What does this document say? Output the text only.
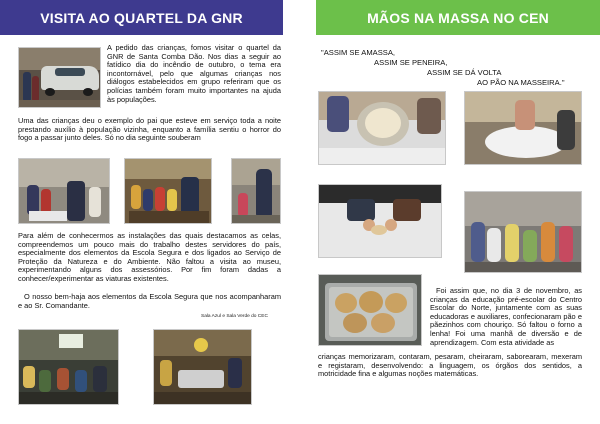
VISITA AO QUARTEL DA GNR
A pedido das crianças, fomos visitar o quartel da GNR de Santa Comba Dão. Nos dias a seguir ao fatídico dia do incêndio de outubro, o tema era incontornável, pelo que algumas crianças nos diálogos estabelecidos em grupo referiram que os polícias também foram muito importantes na ajuda às populações.
Uma das crianças deu o exemplo do pai que esteve em serviço toda a noite prestando auxílio à população vizinha, enquanto a família sentiu o horror do fogo a passar junto deles. Só no dia seguinte souberam
Para além de conhecermos as instalações das quais destacamos as celas, compreendemos um pouco mais do trabalho destes servidores do país, especialmente dos elementos da Escola Segura e dos ligados ao Serviço de Proteção da Natureza e do Ambiente. Não faltou a visita ao museu, experimentando alguns dos assessórios. Por fim foram dadas a conhecer/experimentar as viaturas existentes.
O nosso bem-haja aos elementos da Escola Segura que nos acompanharam e ao Sr. Comandante.
Sala Azul e Sala Verde do CEC
MÃOS NA MASSA NO CEN
"ASSIM SE AMASSA,
ASSIM SE PENEIRA,
ASSIM SE DÁ VOLTA
AO PÃO NA MASSEIRA."
Foi assim que, no dia 3 de novembro, as crianças da educação pré-escolar do Centro Escolar do Norte, juntamente com as suas educadoras e auxiliares, confecionaram pão e pãezinhos com chouriço. Só faltou o forno a lenha! Foi uma manhã de diversão e de aprendizagem. Com esta atividade as
crianças memorizaram, contaram, pesaram, cheiraram, saborearam, mexeram e registaram, desenvolvendo: a linguagem, os órgãos dos sentidos, a motricidade fina e algumas noções matemáticas.
